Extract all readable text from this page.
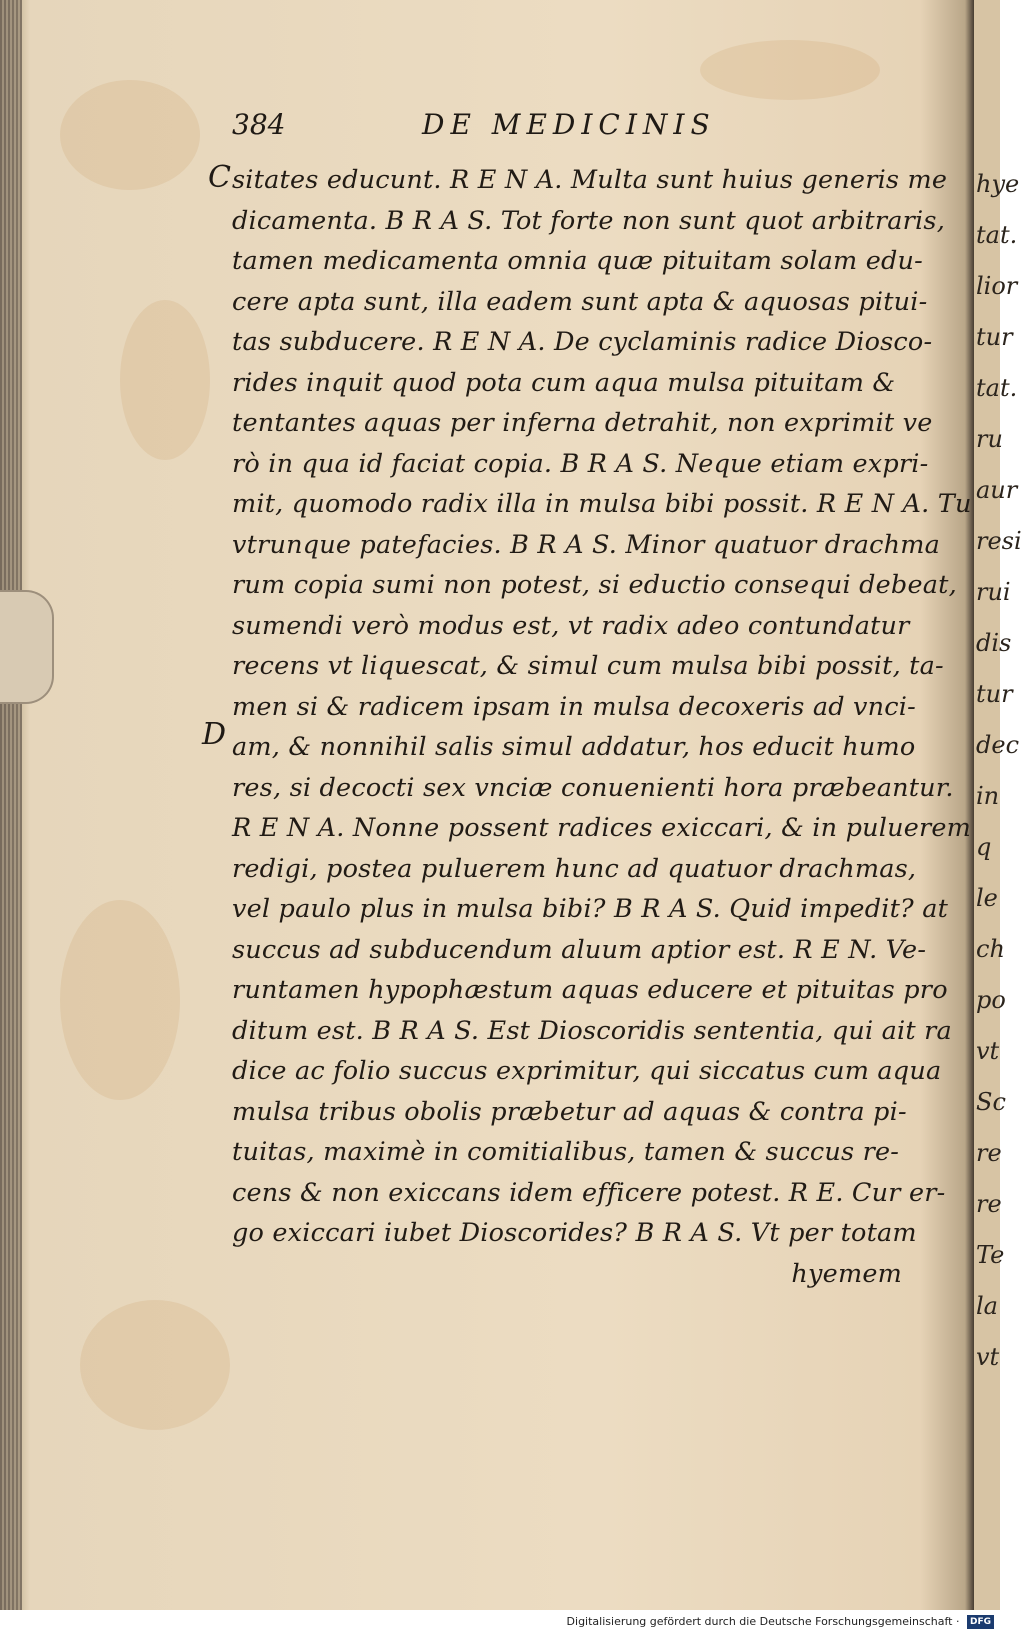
hye
tat.
lior
tur
tat.
ru
aur
resi
rui
dis
tur
dec
in
q
le
ch
po
vt
Sc
re
re
Te
la
vt
384	DE MEDICINIS
C
D
sitates educunt. R E N A. Multa sunt huius generis me
dicamenta. B R A S. Tot forte non sunt quot arbitraris,
tamen medicamenta omnia quæ pituitam solam edu-
cere apta sunt, illa eadem sunt apta & aquosas pitui-
tas subducere. R E N A. De cyclaminis radice Diosco-
rides inquit quod pota cum aqua mulsa pituitam &
tentantes aquas per inferna detrahit, non exprimit ve
rò in qua id faciat copia. B R A S. Neque etiam expri-
mit, quomodo radix illa in mulsa bibi possit. R E N A. Tu
vtrunque patefacies. B R A S. Minor quatuor drachma
rum copia sumi non potest, si eductio consequi debeat,
sumendi verò modus est, vt radix adeo contundatur
recens vt liquescat, & simul cum mulsa bibi possit, ta-
men si & radicem ipsam in mulsa decoxeris ad vnci-
am, & nonnihil salis simul addatur, hos educit humo
res, si decocti sex vnciæ conuenienti hora præbeantur.
R E N A. Nonne possent radices exiccari, & in puluerem
redigi, postea puluerem hunc ad quatuor drachmas,
vel paulo plus in mulsa bibi? B R A S. Quid impedit? at
succus ad subducendum aluum aptior est. R E N. Ve-
runtamen hypophæstum aquas educere et pituitas pro
ditum est. B R A S. Est Dioscoridis sententia, qui ait ra
dice ac folio succus exprimitur, qui siccatus cum aqua
mulsa tribus obolis præbetur ad aquas & contra pi-
tuitas, maximè in comitialibus, tamen & succus re-
cens & non exiccans idem efficere potest. R E. Cur er-
go exiccari iubet Dioscorides? B R A S. Vt per totam
hyemem
Digitalisierung gefördert durch die Deutsche Forschungsgemeinschaft · DFG
